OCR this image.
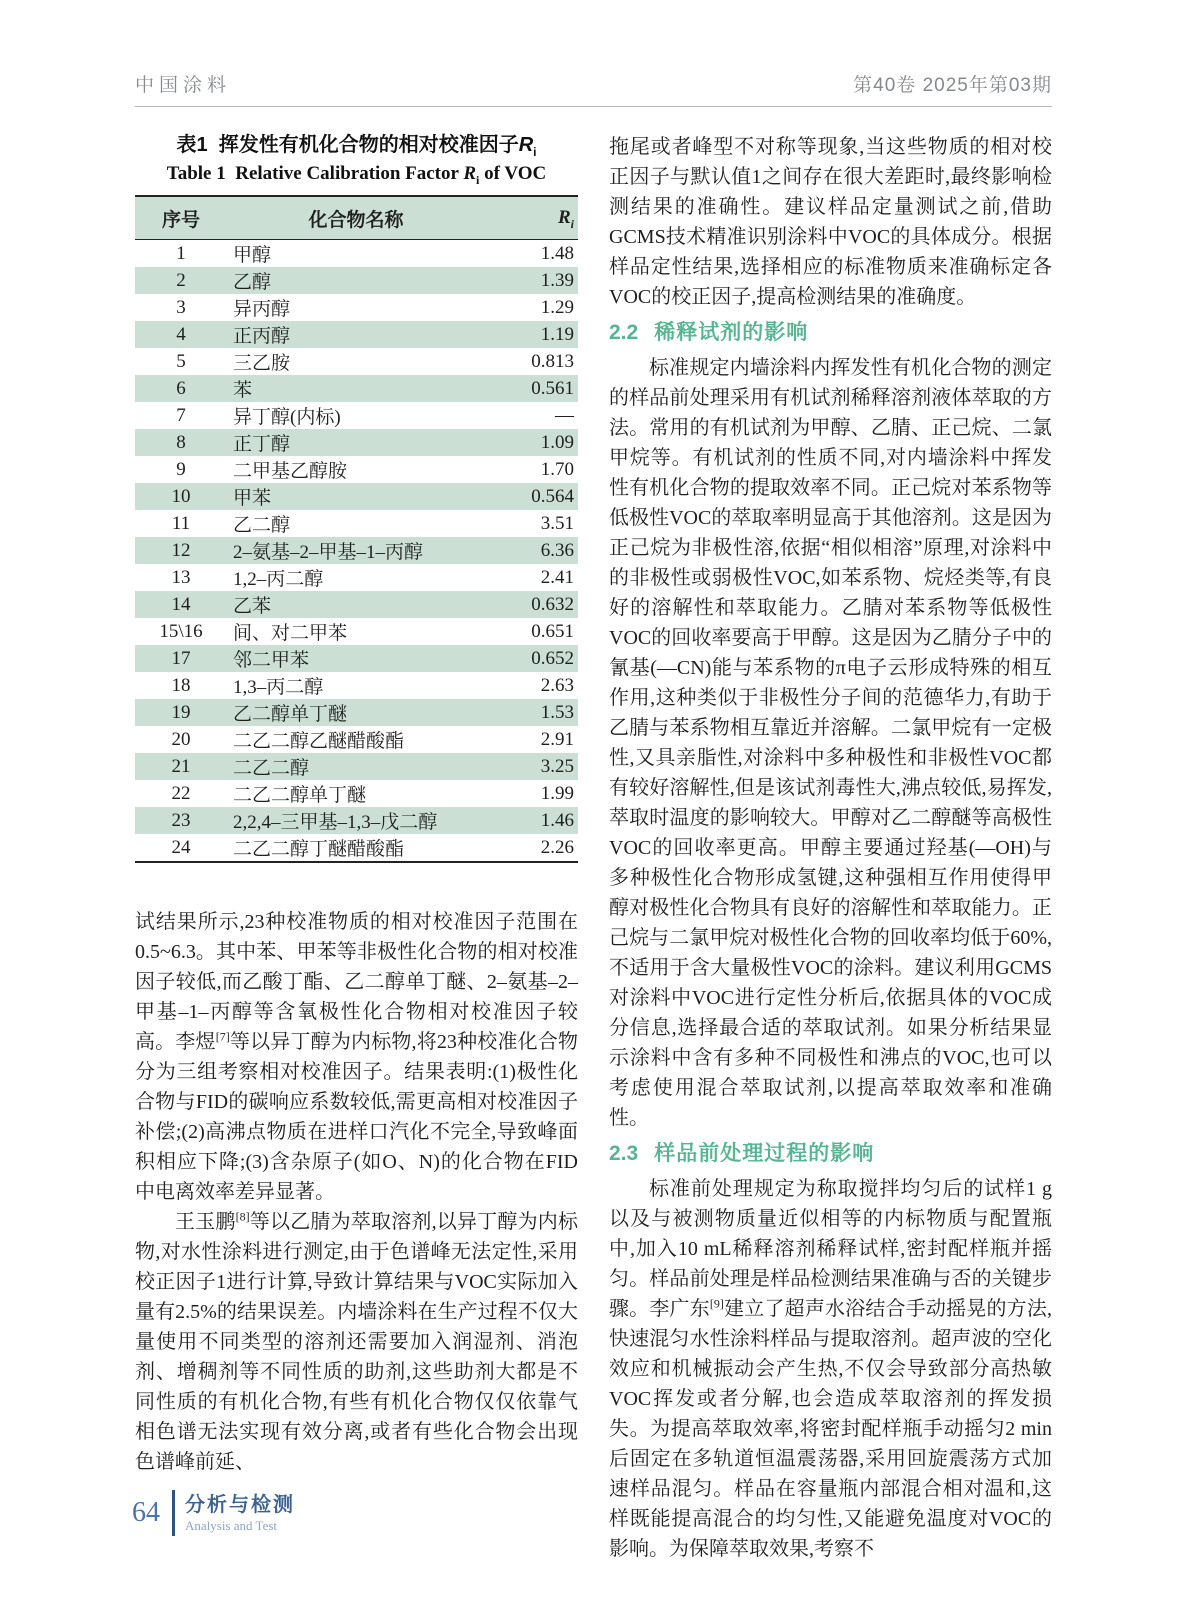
中国涂料	第40卷 2025年第03期
表1  挥发性有机化合物的相对校准因子$R_i$
Table 1  Relative Calibration Factor $R_i$ of VOC
序号	化合物名称	$R_i$
1	甲醇	1.48
2	乙醇	1.39
3	异丙醇	1.29
4	正丙醇	1.19
5	三乙胺	0.813
6	苯	0.561
7	异丁醇(内标)	—
8	正丁醇	1.09
9	二甲基乙醇胺	1.70
10	甲苯	0.564
11	乙二醇	3.51
12	2–氨基–2–甲基–1–丙醇	6.36
13	1,2–丙二醇	2.41
14	乙苯	0.632
15\16	间、对二甲苯	0.651
17	邻二甲苯	0.652
18	1,3–丙二醇	2.63
19	乙二醇单丁醚	1.53
20	二乙二醇乙醚醋酸酯	2.91
21	二乙二醇	3.25
22	二乙二醇单丁醚	1.99
23	2,2,4–三甲基–1,3–戊二醇	1.46
24	二乙二醇丁醚醋酸酯	2.26

试结果所示,23种校准物质的相对校准因子范围在0.5~6.3。其中苯、甲苯等非极性化合物的相对校准因子较低,而乙酸丁酯、乙二醇单丁醚、2–氨基–2–甲基–1–丙醇等含氧极性化合物相对校准因子较高。李煜[7]等以异丁醇为内标物,将23种校准化合物分为三组考察相对校准因子。结果表明:(1)极性化合物与FID的碳响应系数较低,需更高相对校准因子补偿;(2)高沸点物质在进样口汽化不完全,导致峰面积相应下降;(3)含杂原子(如O、N)的化合物在FID中电离效率差异显著。

王玉鹏[8]等以乙腈为萃取溶剂,以异丁醇为内标物,对水性涂料进行测定,由于色谱峰无法定性,采用校正因子1进行计算,导致计算结果与VOC实际加入量有2.5%的结果误差。内墙涂料在生产过程不仅大量使用不同类型的溶剂还需要加入润湿剂、消泡剂、增稠剂等不同性质的助剂,这些助剂大都是不同性质的有机化合物,有些有机化合物仅仅依靠气相色谱无法实现有效分离,或者有些化合物会出现色谱峰前延、

拖尾或者峰型不对称等现象,当这些物质的相对校正因子与默认值1之间存在很大差距时,最终影响检测结果的准确性。建议样品定量测试之前,借助GCMS技术精准识别涂料中VOC的具体成分。根据样品定性结果,选择相应的标准物质来准确标定各VOC的校正因子,提高检测结果的准确度。

2.2 稀释试剂的影响

标准规定内墙涂料内挥发性有机化合物的测定的样品前处理采用有机试剂稀释溶剂液体萃取的方法。常用的有机试剂为甲醇、乙腈、正己烷、二氯甲烷等。有机试剂的性质不同,对内墙涂料中挥发性有机化合物的提取效率不同。正己烷对苯系物等低极性VOC的萃取率明显高于其他溶剂。这是因为正己烷为非极性溶,依据“相似相溶”原理,对涂料中的非极性或弱极性VOC,如苯系物、烷烃类等,有良好的溶解性和萃取能力。乙腈对苯系物等低极性VOC的回收率要高于甲醇。这是因为乙腈分子中的氰基(—CN)能与苯系物的π电子云形成特殊的相互作用,这种类似于非极性分子间的范德华力,有助于乙腈与苯系物相互靠近并溶解。二氯甲烷有一定极性,又具亲脂性,对涂料中多种极性和非极性VOC都有较好溶解性,但是该试剂毒性大,沸点较低,易挥发,萃取时温度的影响较大。甲醇对乙二醇醚等高极性VOC的回收率更高。甲醇主要通过羟基(—OH)与多种极性化合物形成氢键,这种强相互作用使得甲醇对极性化合物具有良好的溶解性和萃取能力。正己烷与二氯甲烷对极性化合物的回收率均低于60%,不适用于含大量极性VOC的涂料。建议利用GCMS对涂料中VOC进行定性分析后,依据具体的VOC成分信息,选择最合适的萃取试剂。如果分析结果显示涂料中含有多种不同极性和沸点的VOC,也可以考虑使用混合萃取试剂,以提高萃取效率和准确性。

2.3 样品前处理过程的影响

标准前处理规定为称取搅拌均匀后的试样1 g以及与被测物质量近似相等的内标物质与配置瓶中,加入10 mL稀释溶剂稀释试样,密封配样瓶并摇匀。样品前处理是样品检测结果准确与否的关键步骤。李广东[9]建立了超声水浴结合手动摇晃的方法,快速混匀水性涂料样品与提取溶剂。超声波的空化效应和机械振动会产生热,不仅会导致部分高热敏VOC挥发或者分解,也会造成萃取溶剂的挥发损失。为提高萃取效率,将密封配样瓶手动摇匀2 min后固定在多轨道恒温震荡器,采用回旋震荡方式加速样品混匀。样品在容量瓶内部混合相对温和,这样既能提高混合的均匀性,又能避免温度对VOC的影响。为保障萃取效果,考察不

64 分析与检测
Analysis and Test
